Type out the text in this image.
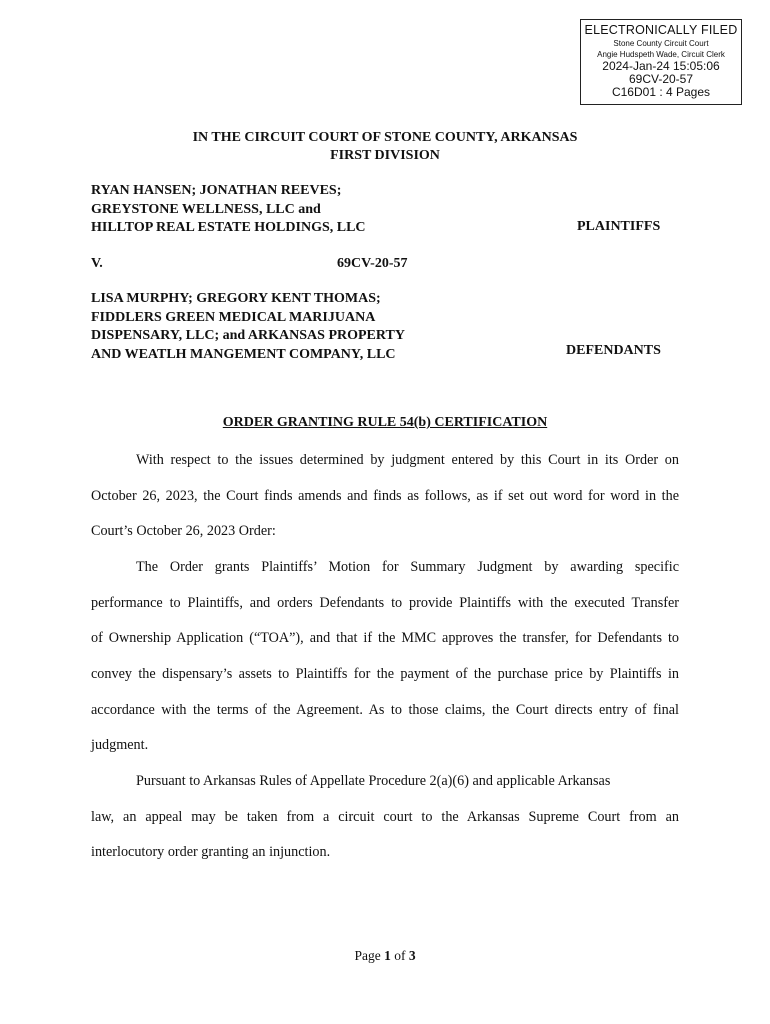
ELECTRONICALLY FILED
Stone County Circuit Court
Angie Hudspeth Wade, Circuit Clerk
2024-Jan-24 15:05:06
69CV-20-57
C16D01 : 4 Pages
IN THE CIRCUIT COURT OF STONE COUNTY, ARKANSAS
FIRST DIVISION
RYAN HANSEN; JONATHAN REEVES;
GREYSTONE WELLNESS, LLC and
HILLTOP REAL ESTATE HOLDINGS, LLC	PLAINTIFFS
V.	69CV-20-57
LISA MURPHY; GREGORY KENT THOMAS;
FIDDLERS GREEN MEDICAL MARIJUANA
DISPENSARY, LLC; and ARKANSAS PROPERTY
AND WEATLH MANGEMENT COMPANY, LLC	DEFENDANTS
ORDER GRANTING RULE 54(b) CERTIFICATION
With respect to the issues determined by judgment entered by this Court in its Order on
October 26, 2023, the Court finds amends and finds as follows, as if set out word for word in the
Court’s October 26, 2023 Order:
The Order grants Plaintiffs’ Motion for Summary Judgment by awarding specific
performance to Plaintiffs, and orders Defendants to provide Plaintiffs with the executed Transfer
of Ownership Application (“TOA”), and that if the MMC approves the transfer, for Defendants to
convey the dispensary’s assets to Plaintiffs for the payment of the purchase price by Plaintiffs in
accordance with the terms of the Agreement. As to those claims, the Court directs entry of final
judgment.
Pursuant to Arkansas Rules of Appellate Procedure 2(a)(6) and applicable Arkansas
law, an appeal may be taken from a circuit court to the Arkansas Supreme Court from an
interlocutory order granting an injunction.
Page 1 of 3
